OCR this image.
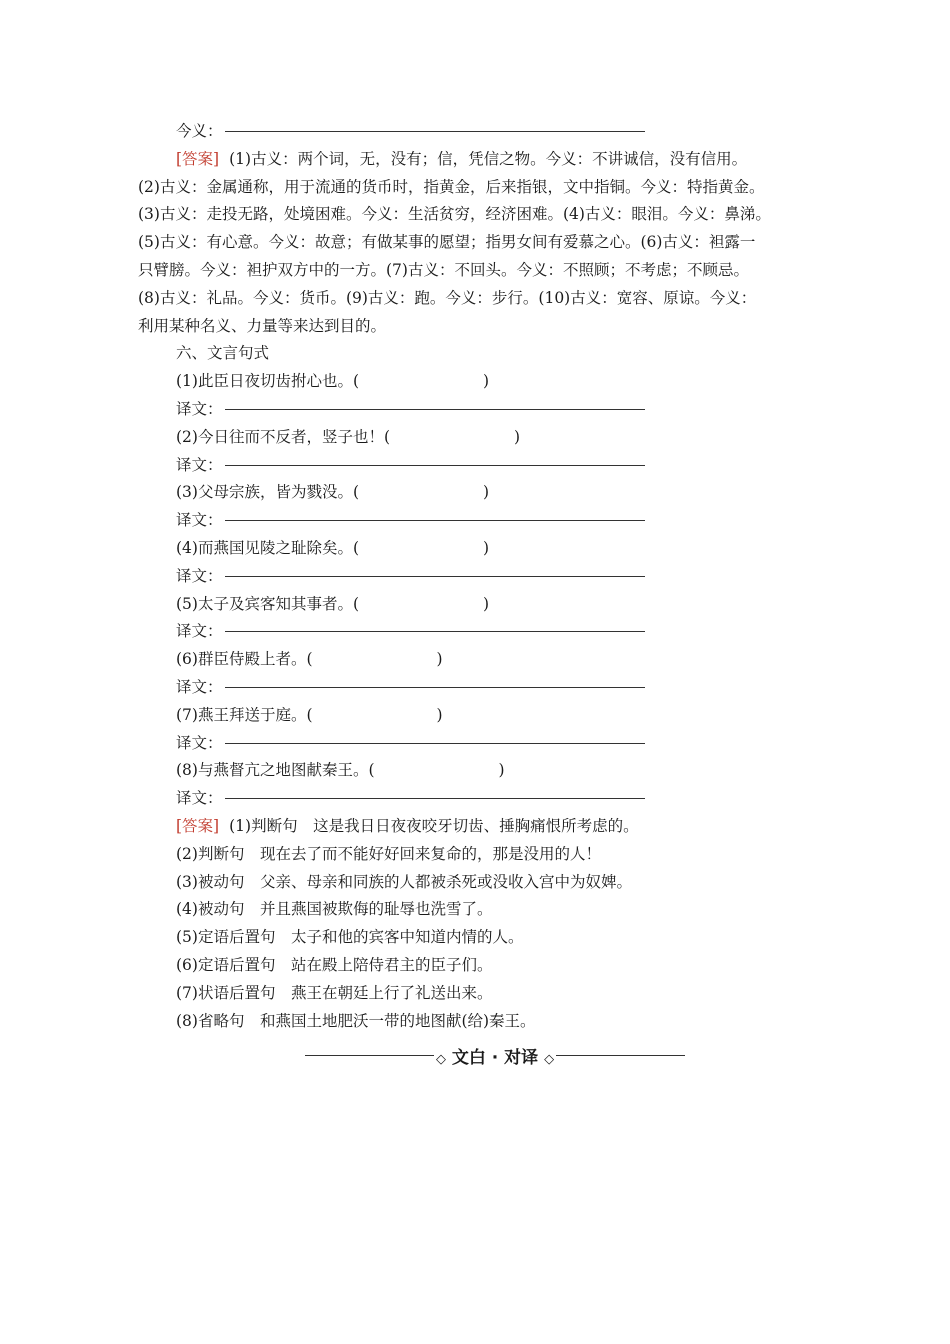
今义：
[答案] (1)古义：两个词，无，没有；信，凭信之物。今义：不讲诚信，没有信用。
(2)古义：金属通称，用于流通的货币时，指黄金，后来指银，文中指铜。今义：特指黄金。
(3)古义：走投无路，处境困难。今义：生活贫穷，经济困难。(4)古义：眼泪。今义：鼻涕。
(5)古义：有心意。今义：故意；有做某事的愿望；指男女间有爱慕之心。(6)古义：袒露一
只臂膀。今义：袒护双方中的一方。(7)古义：不回头。今义：不照顾；不考虑；不顾忌。
(8)古义：礼品。今义：货币。(9)古义：跑。今义：步行。(10)古义：宽容、原谅。今义：
利用某种名义、力量等来达到目的。
六、文言句式
(1)此臣日夜切齿拊心也。(	)
译文：
(2)今日往而不反者，竖子也！(	)
译文：
(3)父母宗族，皆为戮没。(	)
译文：
(4)而燕国见陵之耻除矣。(	)
译文：
(5)太子及宾客知其事者。(	)
译文：
(6)群臣侍殿上者。(	)
译文：
(7)燕王拜送于庭。(	)
译文：
(8)与燕督亢之地图献秦王。(	)
译文：
[答案] (1)判断句　这是我日日夜夜咬牙切齿、捶胸痛恨所考虑的。
(2)判断句　现在去了而不能好好回来复命的，那是没用的人！
(3)被动句　父亲、母亲和同族的人都被杀死或没收入宫中为奴婢。
(4)被动句　并且燕国被欺侮的耻辱也洗雪了。
(5)定语后置句　太子和他的宾客中知道内情的人。
(6)定语后置句　站在殿上陪侍君主的臣子们。
(7)状语后置句　燕王在朝廷上行了礼送出来。
(8)省略句　和燕国土地肥沃一带的地图献(给)秦王。
◇ 文白 · 对译 ◇
